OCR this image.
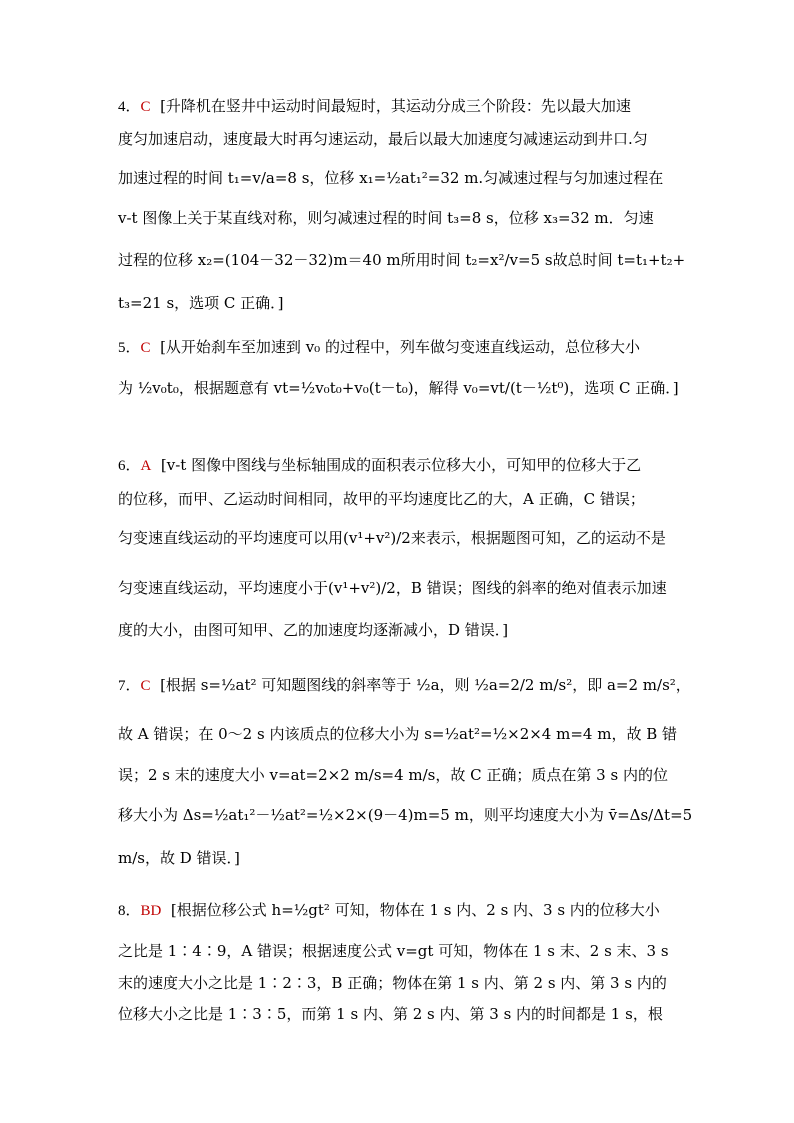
4．C [升降机在竖井中运动时间最短时，其运动分成三个阶段：先以最大加速
度匀加速启动，速度最大时再匀速运动，最后以最大加速度匀减速运动到井口.匀
加速过程的时间 t₁=v/a=8 s，位移 x₁=½at₁²=32 m.匀减速过程与匀加速过程在
v-t 图像上关于某直线对称，则匀减速过程的时间 t₃=8 s，位移 x₃=32 m．匀速
过程的位移 x₂=(104－32－32)m＝40 m所用时间 t₂=x²/v=5 s故总时间 t=t₁+t₂+
t₃=21 s，选项 C 正确．]
5．C [从开始刹车至加速到 v₀ 的过程中，列车做匀变速直线运动，总位移大小
为 ½v₀t₀，根据题意有 vt=½v₀t₀+v₀(t－t₀)，解得 v₀=vt/(t－½t⁰)，选项 C 正确．]
6．A [v-t 图像中图线与坐标轴围成的面积表示位移大小，可知甲的位移大于乙
的位移，而甲、乙运动时间相同，故甲的平均速度比乙的大，A 正确，C 错误；
匀变速直线运动的平均速度可以用(v¹+v²)/2来表示，根据题图可知，乙的运动不是
匀变速直线运动，平均速度小于(v¹+v²)/2，B 错误；图线的斜率的绝对值表示加速
度的大小，由图可知甲、乙的加速度均逐渐减小，D 错误．]
7．C [根据 s=½at² 可知题图线的斜率等于 ½a，则 ½a=2/2 m/s²，即 a=2 m/s²，
故 A 错误；在 0～2 s 内该质点的位移大小为 s=½at²=½×2×4 m=4 m，故 B 错
误；2 s 末的速度大小 v=at=2×2 m/s=4 m/s，故 C 正确；质点在第 3 s 内的位
移大小为 Δs=½at₁²－½at²=½×2×(9－4)m=5 m，则平均速度大小为 v̄=Δs/Δt=5
m/s，故 D 错误．]
8．BD [根据位移公式 h=½gt² 可知，物体在 1 s 内、2 s 内、3 s 内的位移大小
之比是 1∶4∶9，A 错误；根据速度公式 v=gt 可知，物体在 1 s 末、2 s 末、3 s
末的速度大小之比是 1∶2∶3，B 正确；物体在第 1 s 内、第 2 s 内、第 3 s 内的
位移大小之比是 1∶3∶5，而第 1 s 内、第 2 s 内、第 3 s 内的时间都是 1 s，根
